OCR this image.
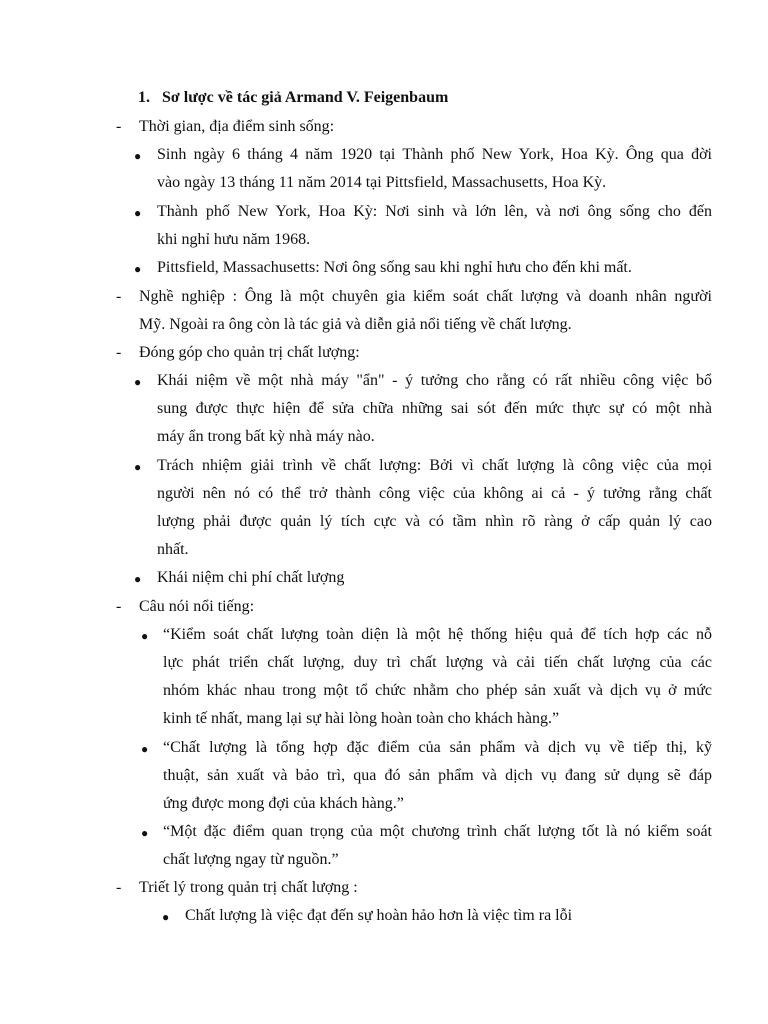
1. Sơ lược về tác giả Armand V. Feigenbaum
- Thời gian, địa điểm sinh sống:
● Sinh ngày 6 tháng 4 năm 1920 tại Thành phố New York, Hoa Kỳ. Ông qua đời
vào ngày 13 tháng 11 năm 2014 tại Pittsfield, Massachusetts, Hoa Kỳ.
● Thành phố New York, Hoa Kỳ: Nơi sinh và lớn lên, và nơi ông sống cho đến
khi nghỉ hưu năm 1968.
● Pittsfield, Massachusetts: Nơi ông sống sau khi nghỉ hưu cho đến khi mất.
- Nghề nghiệp : Ông là một chuyên gia kiểm soát chất lượng và doanh nhân người
Mỹ. Ngoài ra ông còn là tác giả và diễn giả nổi tiếng về chất lượng.
- Đóng góp cho quản trị chất lượng:
● Khái niệm về một nhà máy "ẩn" - ý tưởng cho rằng có rất nhiều công việc bổ
sung được thực hiện để sửa chữa những sai sót đến mức thực sự có một nhà
máy ẩn trong bất kỳ nhà máy nào.
● Trách nhiệm giải trình về chất lượng: Bởi vì chất lượng là công việc của mọi
người nên nó có thể trở thành công việc của không ai cả - ý tưởng rằng chất
lượng phải được quản lý tích cực và có tầm nhìn rõ ràng ở cấp quản lý cao
nhất.
● Khái niệm chi phí chất lượng
- Câu nói nổi tiếng:
● “Kiểm soát chất lượng toàn diện là một hệ thống hiệu quả để tích hợp các nỗ
lực phát triển chất lượng, duy trì chất lượng và cải tiến chất lượng của các
nhóm khác nhau trong một tổ chức nhằm cho phép sản xuất và dịch vụ ở mức
kinh tế nhất, mang lại sự hài lòng hoàn toàn cho khách hàng.”
● “Chất lượng là tổng hợp đặc điểm của sản phẩm và dịch vụ về tiếp thị, kỹ
thuật, sản xuất và bảo trì, qua đó sản phẩm và dịch vụ đang sử dụng sẽ đáp
ứng được mong đợi của khách hàng.”
● “Một đặc điểm quan trọng của một chương trình chất lượng tốt là nó kiểm soát
chất lượng ngay từ nguồn.”
- Triết lý trong quản trị chất lượng :
● Chất lượng là việc đạt đến sự hoàn hảo hơn là việc tìm ra lỗi
